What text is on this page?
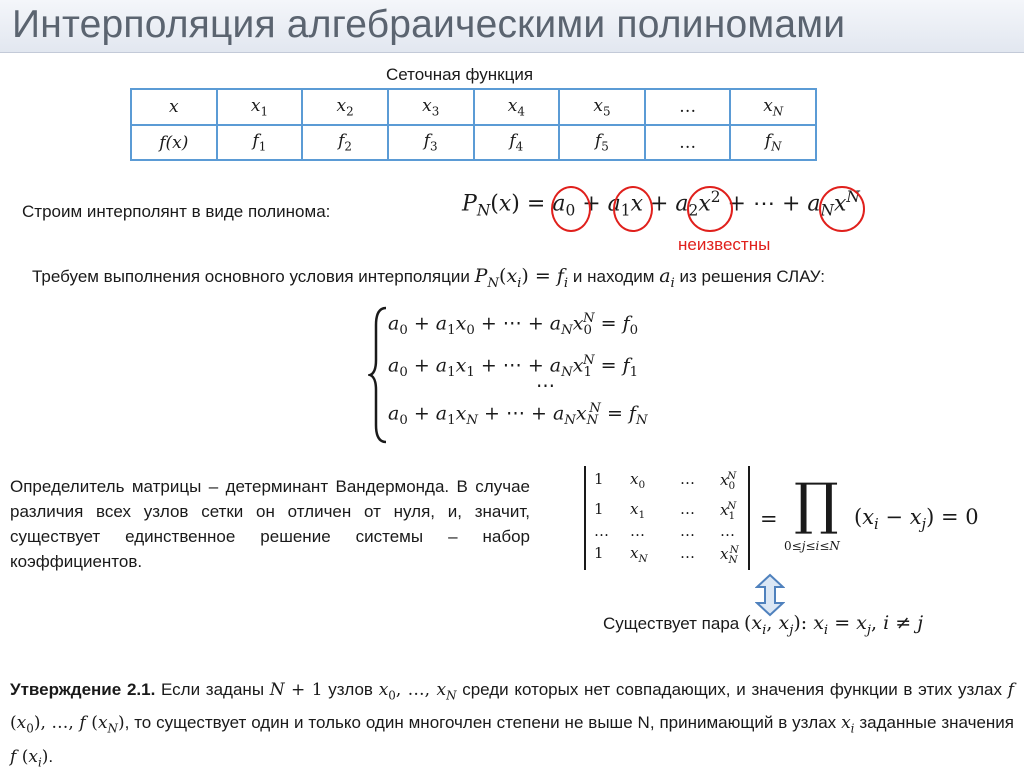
Интерполяция алгебраическими полиномами
Сеточная функция
x	$x_1$	$x_2$	$x_3$	$x_4$	$x_5$	…	$x_N$
f(x)	$f_1$	$f_2$	$f_3$	$f_4$	$f_5$	…	$f_N$
Строим интерполянт в виде полинома:	$P_N(x) = a_0 + a_1x + a_2x^2$ + ⋯ + $a_Nx^N$
неизвестны
Требуем выполнения основного условия интерполяции $P_N(x_i) = f_i$ и находим $a_i$ из решения СЛАУ:
$a_0 + a_1x_0$ + ⋯ + $a_Nx_0^N = f_0$
$a_0 + a_1x_1$ + ⋯ + $a_Nx_1^N = f_1$
⋯
$a_0 + a_1x_N$ + ⋯ + $a_Nx_N^N = f_N$
Определитель матрицы – детерминант Вандермонда. В случае различия всех узлов сетки он отличен от нуля, и, значит, существует единственное решение системы – набор коэффициентов.
1 $x_0$ … $x_0^N$
1 $x_1$ … $x_1^N$
… … … …
1 $x_N$ … $x_N^N$
= ∏
0≤j≤i≤N
$(x_i - x_j) = 0$
Существует пара ($x_i$, $x_j$): $x_i = x_j$, i ≠ j
Утверждение 2.1. Если заданы N + 1 узлов $x_0$, …, $x_N$ среди которых нет совпадающих, и значения функции в этих узлах f $(x_0)$, …, f $(x_N)$, то существует один и только один многочлен степени не выше N, принимающий в узлах $x_i$ заданные значения f $(x_i)$.
